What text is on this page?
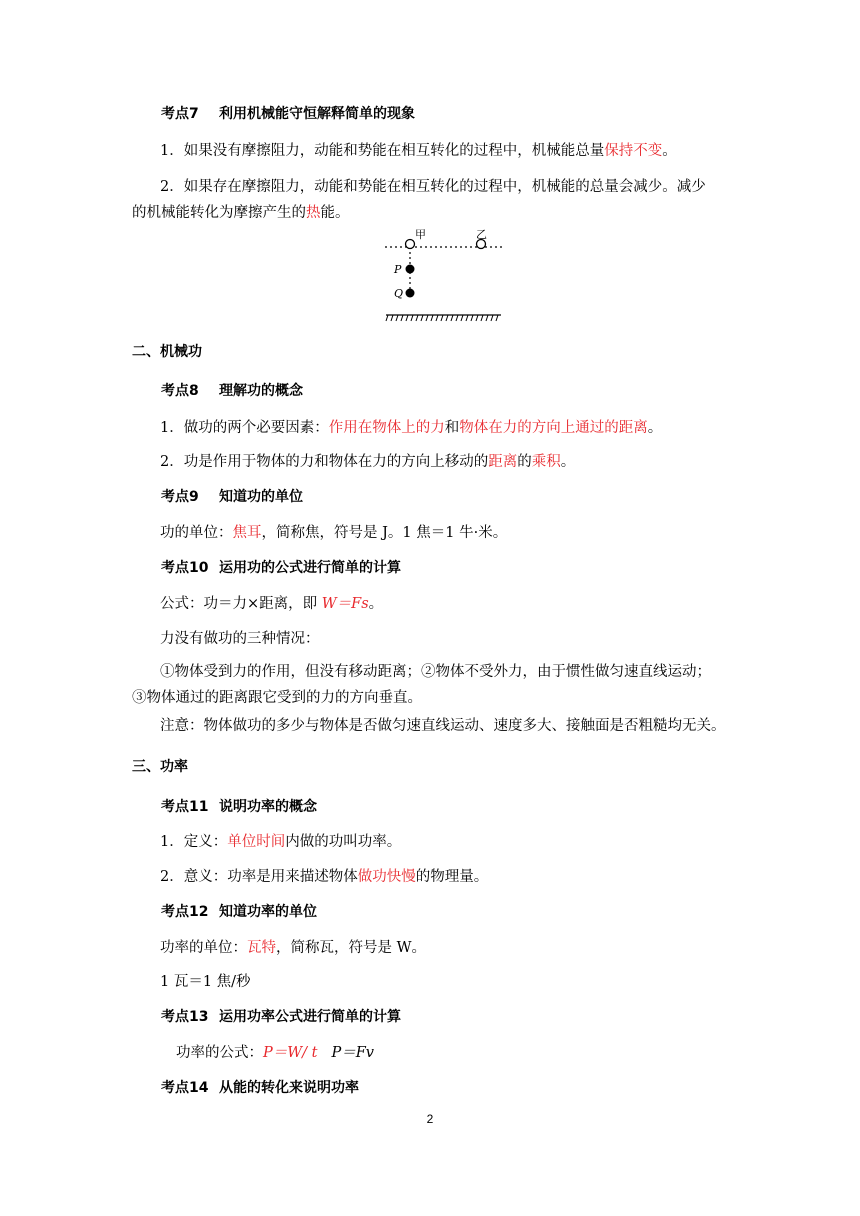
考点7 利用机械能守恒解释简单的现象
1．如果没有摩擦阻力，动能和势能在相互转化的过程中，机械能总量保持不变。
2．如果存在摩擦阻力，动能和势能在相互转化的过程中，机械能的总量会减少。减少
的机械能转化为摩擦产生的热能。
甲	乙
P
Q
二、机械功
考点8 理解功的概念
1．做功的两个必要因素：作用在物体上的力和物体在力的方向上通过的距离。
2．功是作用于物体的力和物体在力的方向上移动的距离的乘积。
考点9 知道功的单位
功的单位：焦耳，简称焦，符号是 J。1 焦＝1 牛·米。
考点10 运用功的公式进行简单的计算
公式：功＝力×距离，即 W＝Fs。
力没有做功的三种情况：
①物体受到力的作用，但没有移动距离；②物体不受外力，由于惯性做匀速直线运动；
③物体通过的距离跟它受到的力的方向垂直。
注意：物体做功的多少与物体是否做匀速直线运动、速度多大、接触面是否粗糙均无关。
三、功率
考点11 说明功率的概念
1．定义：单位时间内做的功叫功率。
2．意义：功率是用来描述物体做功快慢的物理量。
考点12 知道功率的单位
功率的单位：瓦特，简称瓦，符号是 W。
1 瓦＝1 焦/秒
考点13 运用功率公式进行简单的计算
功率的公式：P＝W/ t P＝Fv
考点14 从能的转化来说明功率
2
